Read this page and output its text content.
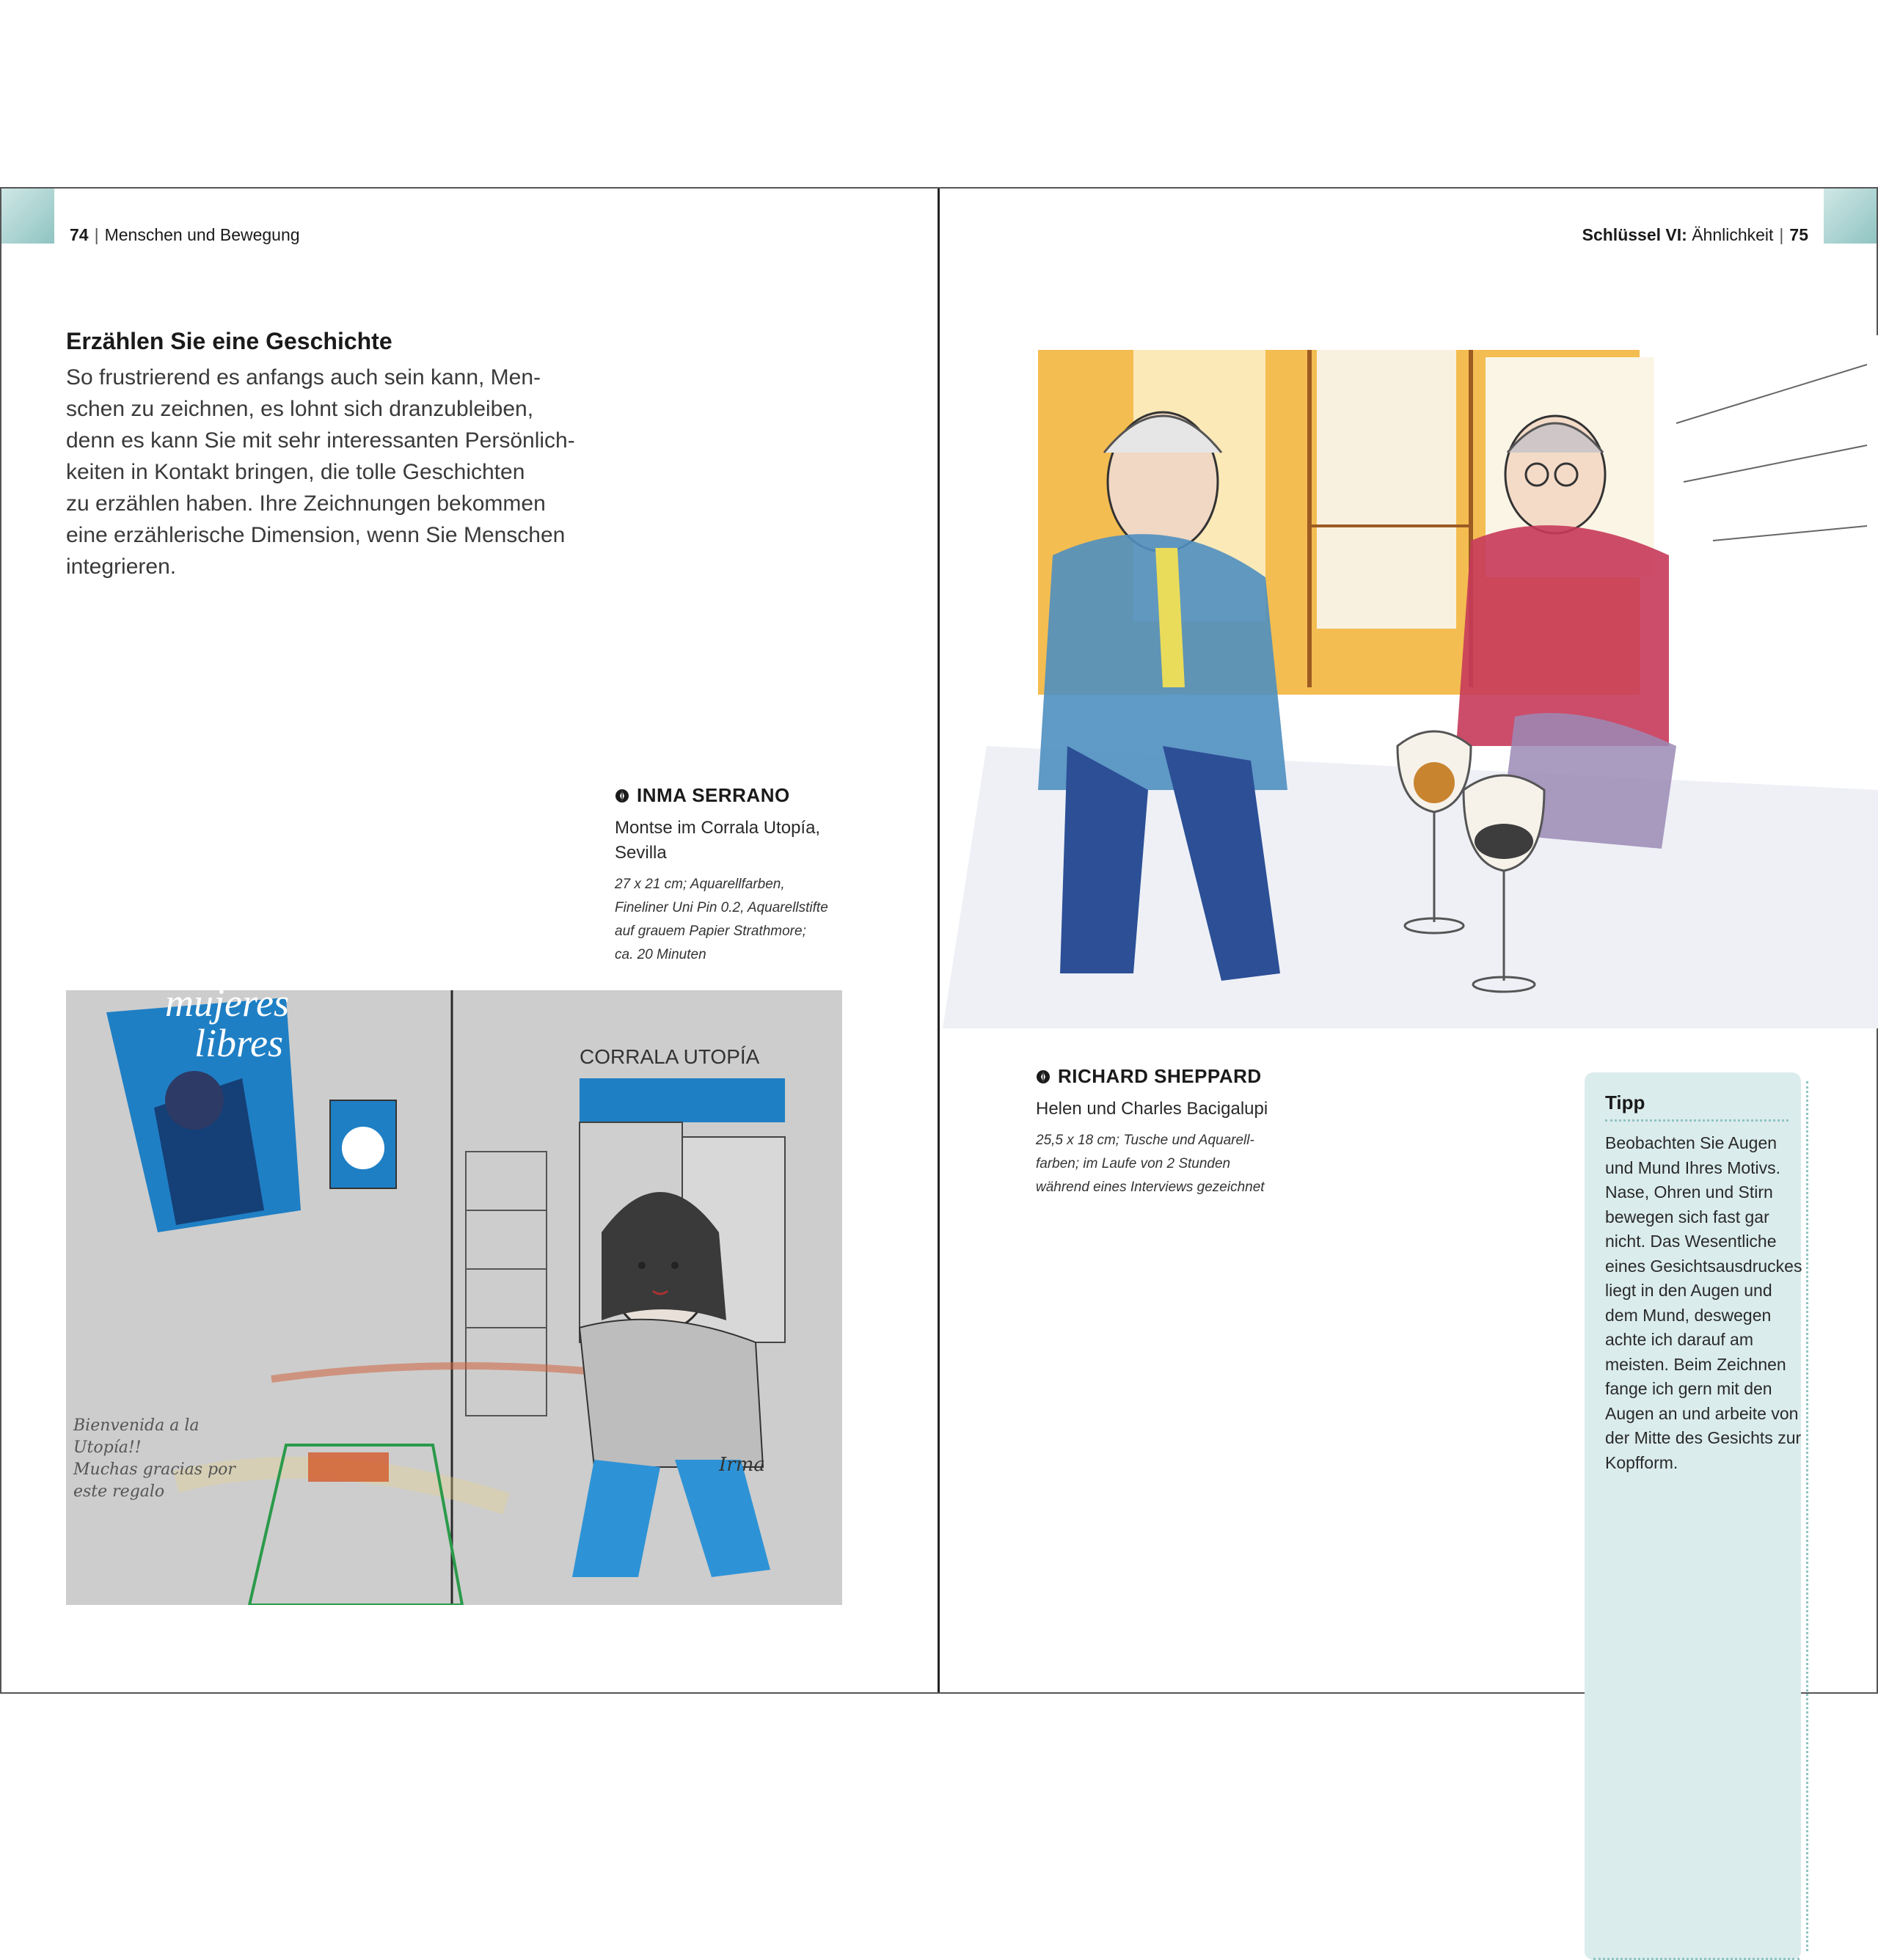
74 | Menschen und Bewegung
Erzählen Sie eine Geschichte
So frustrierend es anfangs auch sein kann, Men-
schen zu zeichnen, es lohnt sich dranzubleiben,
denn es kann Sie mit sehr interessanten Persönlich-
keiten in Kontakt bringen, die tolle Geschichten
zu erzählen haben. Ihre Zeichnungen bekommen
eine erzählerische Dimension, wenn Sie Menschen
integrieren.
INMA SERRANO
Montse im Corrala Utopía,
Sevilla
27 x 21 cm; Aquarellfarben,
Fineliner Uni Pin 0.2, Aquarellstifte
auf grauem Papier Strathmore;
ca. 20 Minuten
mujeres
libres	CORRALA UTOPÍA
Bienvenida a la
Utopía!!
Muchas gracias por
este regalo
Irma
Schlüssel VI: Ähnlichkeit | 75
RICHARD SHEPPARD
Helen und Charles Bacigalupi
25,5 x 18 cm; Tusche und Aquarell-
farben; im Laufe von 2 Stunden
während eines Interviews gezeichnet
Tipp
Beobachten Sie Augen
und Mund Ihres Motivs.
Nase, Ohren und Stirn
bewegen sich fast gar
nicht. Das Wesentliche
eines Gesichtsausdruckes
liegt in den Augen und
dem Mund, deswegen
achte ich darauf am
meisten. Beim Zeichnen
fange ich gern mit den
Augen an und arbeite von
der Mitte des Gesichts zur
Kopfform.
